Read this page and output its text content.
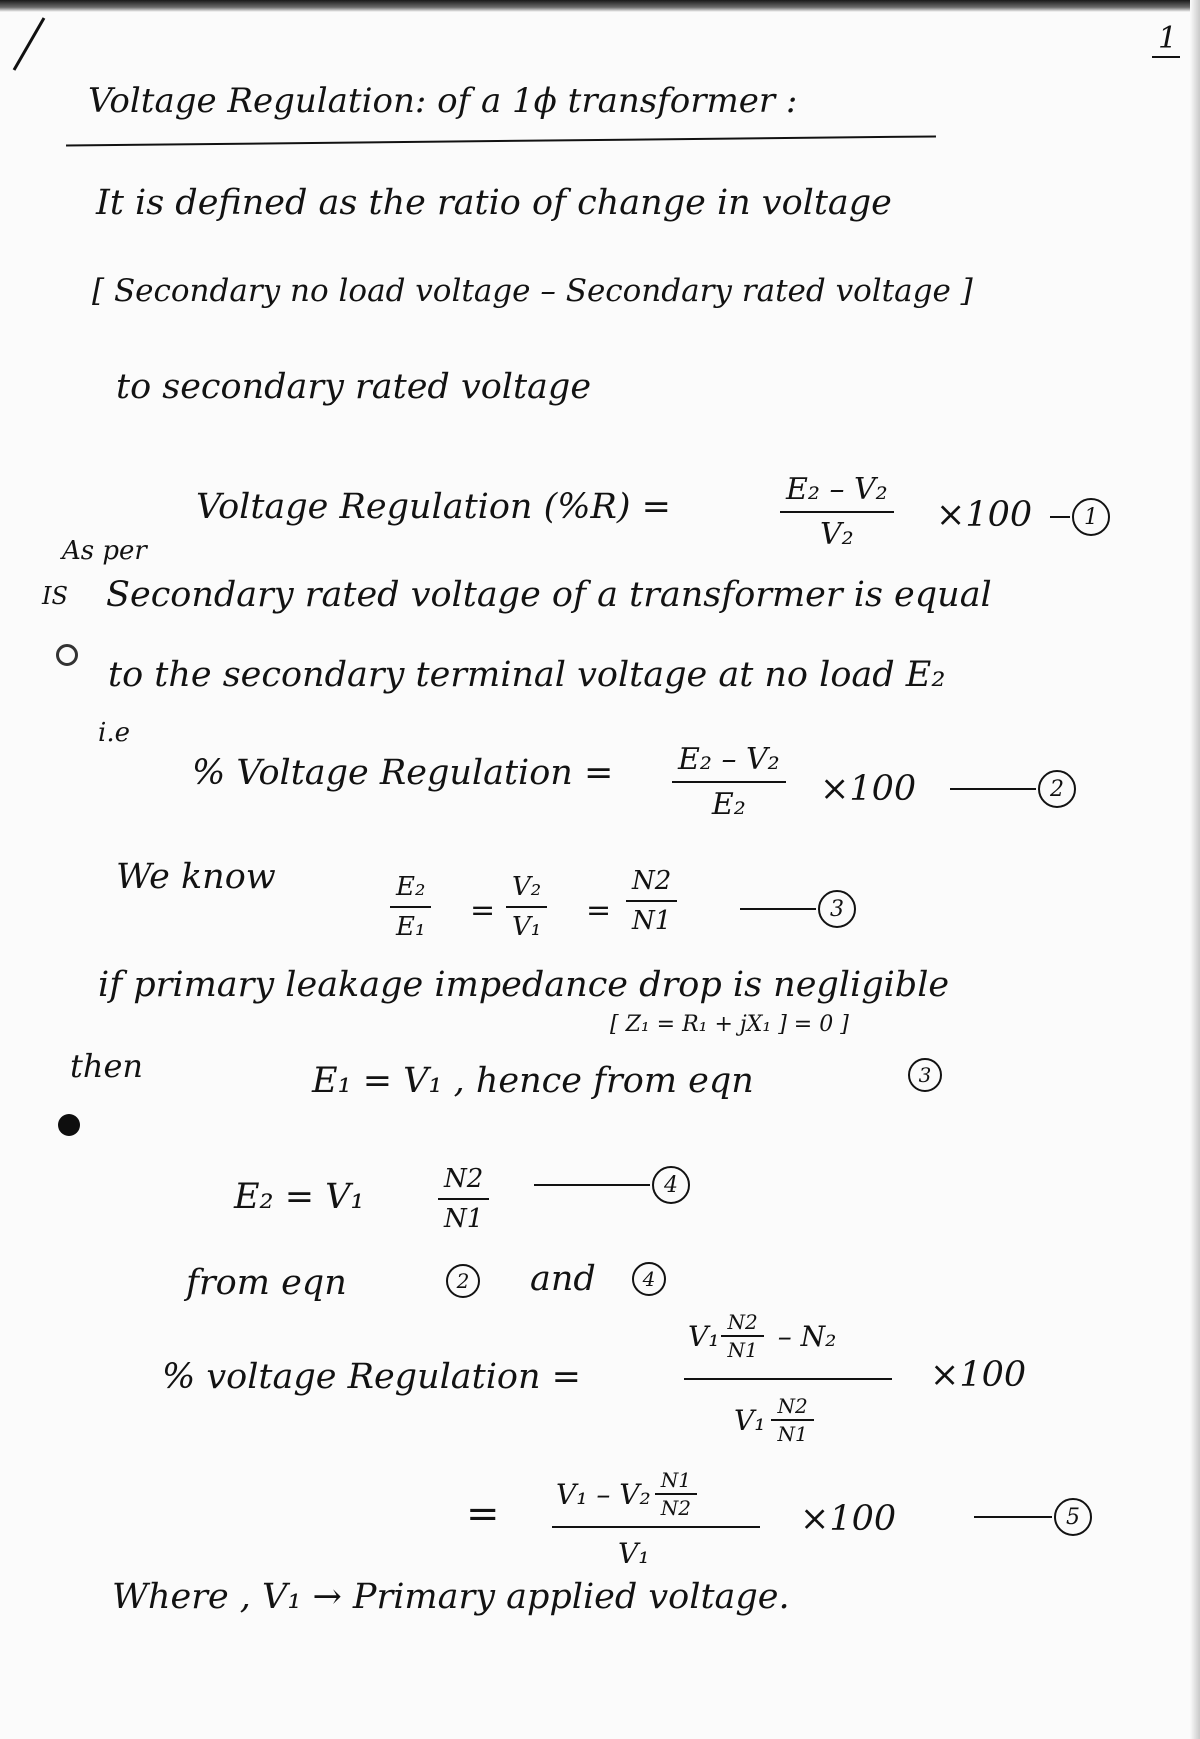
1
Voltage Regulation: of a 1ϕ transformer :
It is defined as the ratio of change in voltage
[ Secondary no load voltage – Secondary rated voltage ]
to secondary rated voltage
Voltage Regulation (%R) =	E₂ – V₂
V₂ ×100	1
As per
IS Secondary rated voltage of a transformer is equal
to the secondary terminal voltage at no load E₂
i.e
% Voltage Regulation = E₂ – V₂
E₂ ×100	2
We know	E₂
E₁ =
V₂
V₁ =
N2
N1	3
if primary leakage impedance drop is negligible
[ Z₁ = R₁ + jX₁ ] = 0 ]
then	E₁ = V₁ , hence from eqn	3
E₂ = V₁	N2
N1
4
from eqn	2	and	4
% voltage Regulation =
$V_1 \frac{N2}{N1} - N_2$
$V_1 \frac{N2}{N1}$
×100
= $V_1 - V_2 \frac{N1}{N2}$
V₁
×100	5
Where , V₁ → Primary applied voltage.
